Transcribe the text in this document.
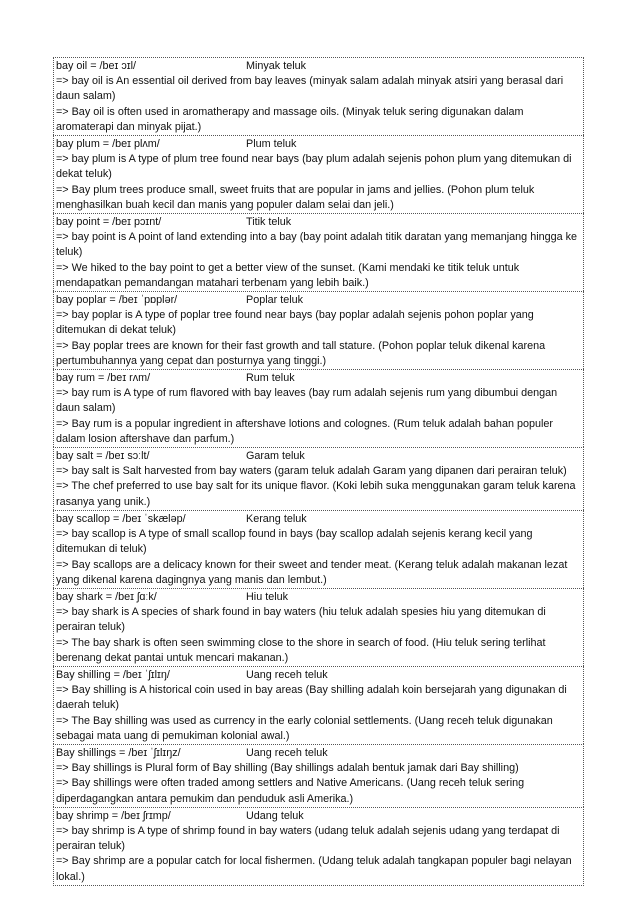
bay oil = /beɪ ɔɪl/	Minyak teluk

=> bay oil is An essential oil derived from bay leaves (minyak salam adalah minyak atsiri yang berasal dari daun salam)

=> Bay oil is often used in aromatherapy and massage oils. (Minyak teluk sering digunakan dalam aromaterapi dan minyak pijat.)

bay plum = /beɪ plʌm/	Plum teluk

=> bay plum is A type of plum tree found near bays (bay plum adalah sejenis pohon plum yang ditemukan di dekat teluk)

=> Bay plum trees produce small, sweet fruits that are popular in jams and jellies. (Pohon plum teluk menghasilkan buah kecil dan manis yang populer dalam selai dan jeli.)

bay point = /beɪ pɔɪnt/	Titik teluk

=> bay point is A point of land extending into a bay (bay point adalah titik daratan yang memanjang hingga ke teluk)

=> We hiked to the bay point to get a better view of the sunset. (Kami mendaki ke titik teluk untuk mendapatkan pemandangan matahari terbenam yang lebih baik.)

bay poplar = /beɪ ˈpɒplər/	Poplar teluk

=> bay poplar is A type of poplar tree found near bays (bay poplar adalah sejenis pohon poplar yang ditemukan di dekat teluk)

=> Bay poplar trees are known for their fast growth and tall stature. (Pohon poplar teluk dikenal karena pertumbuhannya yang cepat dan posturnya yang tinggi.)

bay rum = /beɪ rʌm/	Rum teluk

=> bay rum is A type of rum flavored with bay leaves (bay rum adalah sejenis rum yang dibumbui dengan daun salam)

=> Bay rum is a popular ingredient in aftershave lotions and colognes. (Rum teluk adalah bahan populer dalam losion aftershave dan parfum.)

bay salt = /beɪ sɔːlt/	Garam teluk

=> bay salt is Salt harvested from bay waters (garam teluk adalah Garam yang dipanen dari perairan teluk)

=> The chef preferred to use bay salt for its unique flavor. (Koki lebih suka menggunakan garam teluk karena rasanya yang unik.)

bay scallop = /beɪ ˈskæləp/	Kerang teluk

=> bay scallop is A type of small scallop found in bays (bay scallop adalah sejenis kerang kecil yang ditemukan di teluk)

=> Bay scallops are a delicacy known for their sweet and tender meat. (Kerang teluk adalah makanan lezat yang dikenal karena dagingnya yang manis dan lembut.)

bay shark = /beɪ ʃɑːk/	Hiu teluk

=> bay shark is A species of shark found in bay waters (hiu teluk adalah spesies hiu yang ditemukan di perairan teluk)

=> The bay shark is often seen swimming close to the shore in search of food. (Hiu teluk sering terlihat berenang dekat pantai untuk mencari makanan.)

Bay shilling = /beɪ ˈʃɪlɪŋ/	Uang receh teluk

=> Bay shilling is A historical coin used in bay areas (Bay shilling adalah koin bersejarah yang digunakan di daerah teluk)

=> The Bay shilling was used as currency in the early colonial settlements. (Uang receh teluk digunakan sebagai mata uang di pemukiman kolonial awal.)

Bay shillings = /beɪ ˈʃɪlɪŋz/	Uang receh teluk

=> Bay shillings is Plural form of Bay shilling (Bay shillings adalah bentuk jamak dari Bay shilling)

=> Bay shillings were often traded among settlers and Native Americans. (Uang receh teluk sering diperdagangkan antara pemukim dan penduduk asli Amerika.)

bay shrimp = /beɪ ʃrɪmp/	Udang teluk

=> bay shrimp is A type of shrimp found in bay waters (udang teluk adalah sejenis udang yang terdapat di perairan teluk)

=> Bay shrimp are a popular catch for local fishermen. (Udang teluk adalah tangkapan populer bagi nelayan lokal.)
